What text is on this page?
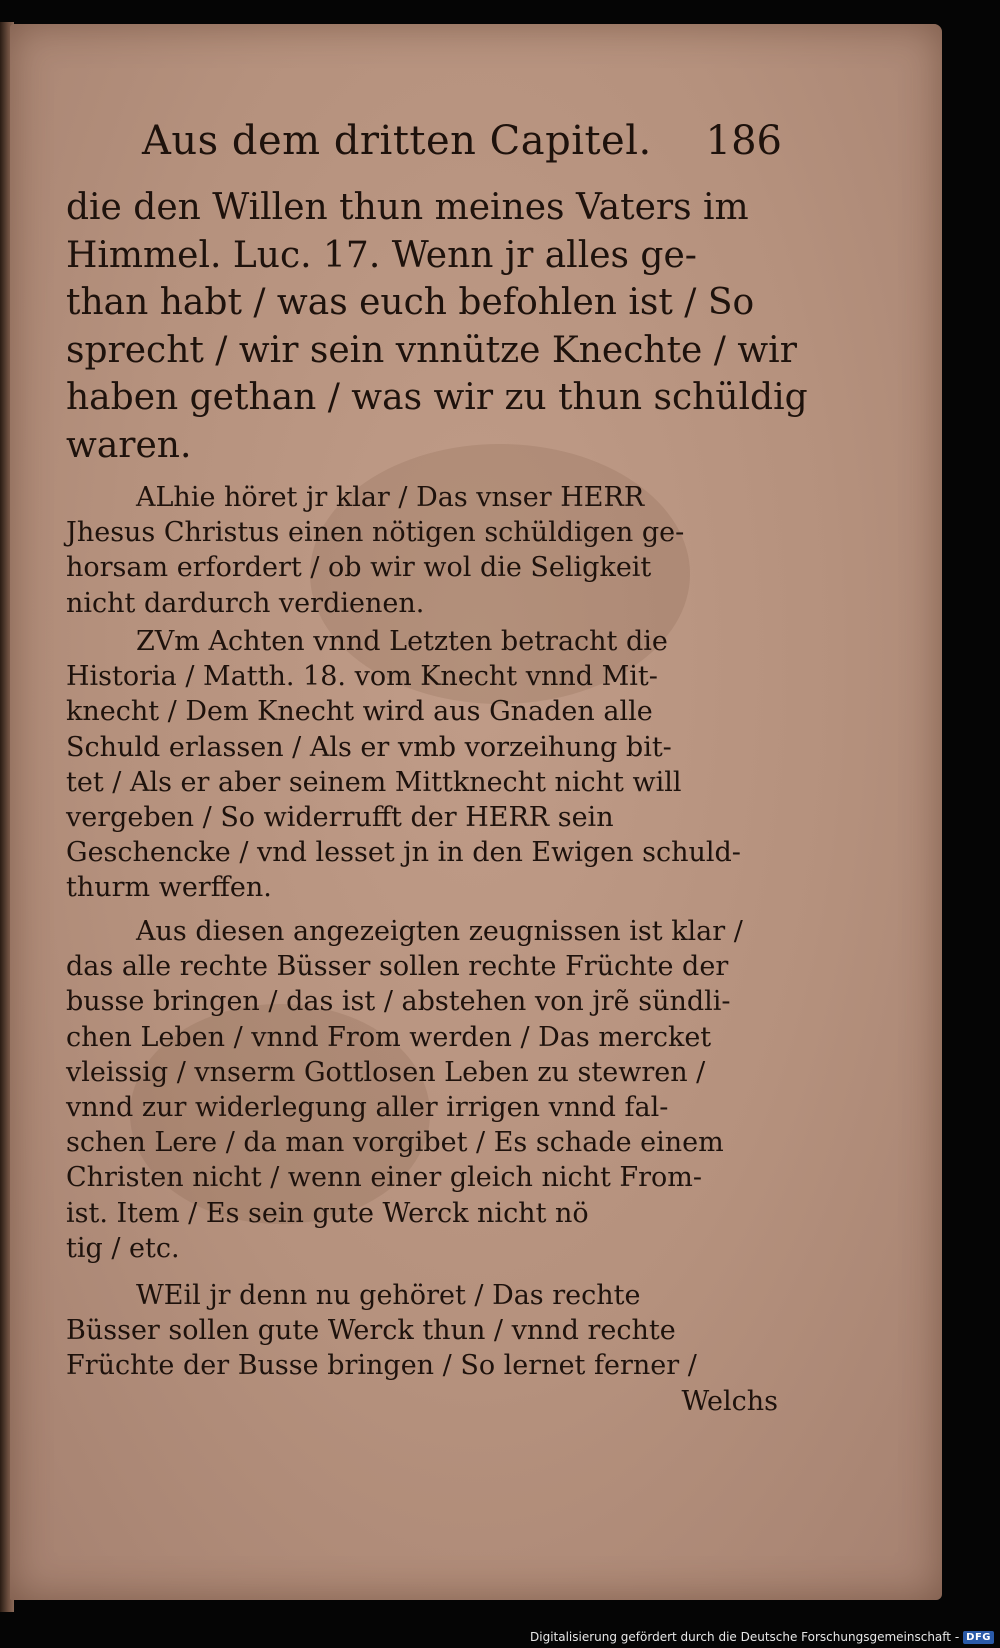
Aus dem dritten Capitel. 186
die den Willen thun meines Vaters im
Himmel. Luc. 17. Wenn jr alles ge-
than habt / was euch befohlen ist / So
sprecht / wir sein vnnütze Knechte / wir
haben gethan / was wir zu thun schüldig
waren.
ALhie höret jr klar / Das vnser HERR
Jhesus Christus einen nötigen schüldigen ge-
horsam erfordert / ob wir wol die Seligkeit
nicht dardurch verdienen.
ZVm Achten vnnd Letzten betracht die
Historia / Matth. 18. vom Knecht vnnd Mit-
knecht / Dem Knecht wird aus Gnaden alle
Schuld erlassen / Als er vmb vorzeihung bit-
tet / Als er aber seinem Mittknecht nicht will
vergeben / So widerrufft der HERR sein
Geschencke / vnd lesset jn in den Ewigen schuld-
thurm werffen.
Aus diesen angezeigten zeugnissen ist klar /
das alle rechte Büsser sollen rechte Früchte der
busse bringen / das ist / abstehen von jrẽ sündli-
chen Leben / vnnd From werden / Das mercket
vleissig / vnserm Gottlosen Leben zu stewren /
vnnd zur widerlegung aller irrigen vnnd fal-
schen Lere / da man vorgibet / Es schade einem
Christen nicht / wenn einer gleich nicht From-
ist. Item / Es sein gute Werck nicht nö
tig / etc.
WEil jr denn nu gehöret / Das rechte
Büsser sollen gute Werck thun / vnnd rechte
Früchte der Busse bringen / So lernet ferner /
Welchs
Digitalisierung gefördert durch die Deutsche Forschungsgemeinschaft - DFG
